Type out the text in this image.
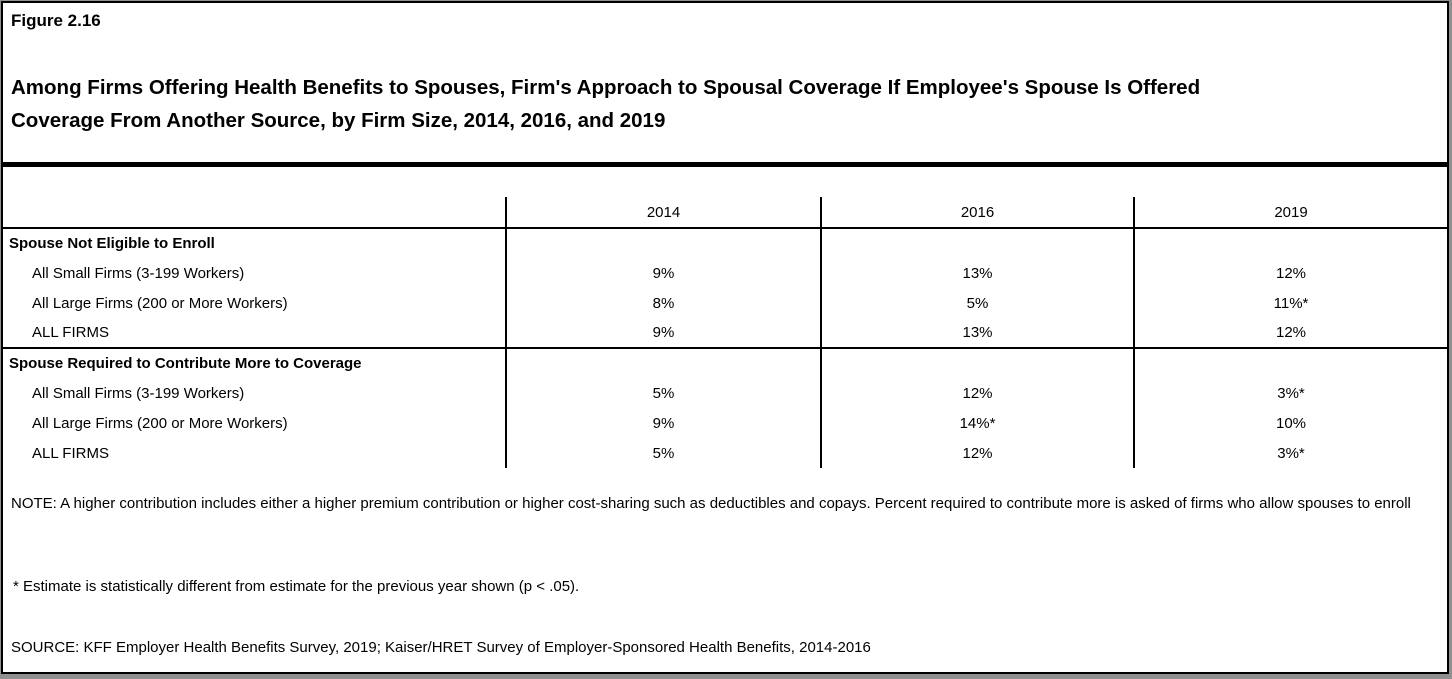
Figure 2.16
Among Firms Offering Health Benefits to Spouses, Firm's Approach to Spousal Coverage If Employee's Spouse Is Offered
Coverage From Another Source, by Firm Size, 2014, 2016, and 2019

	2014	2016	2019
Spouse Not Eligible to Enroll			
All Small Firms (3-199 Workers)	9%	13%	12%
All Large Firms (200 or More Workers)	8%	5%	11%*
ALL FIRMS	9%	13%	12%
Spouse Required to Contribute More to Coverage			
All Small Firms (3-199 Workers)	5%	12%	3%*
All Large Firms (200 or More Workers)	9%	14%*	10%
ALL FIRMS	5%	12%	3%*
NOTE: A higher contribution includes either a higher premium contribution or higher cost-sharing such as deductibles and copays. Percent required to contribute more is asked of firms who allow spouses to enroll
* Estimate is statistically different from estimate for the previous year shown (p < .05).
SOURCE: KFF Employer Health Benefits Survey, 2019; Kaiser/HRET Survey of Employer-Sponsored Health Benefits, 2014-2016
